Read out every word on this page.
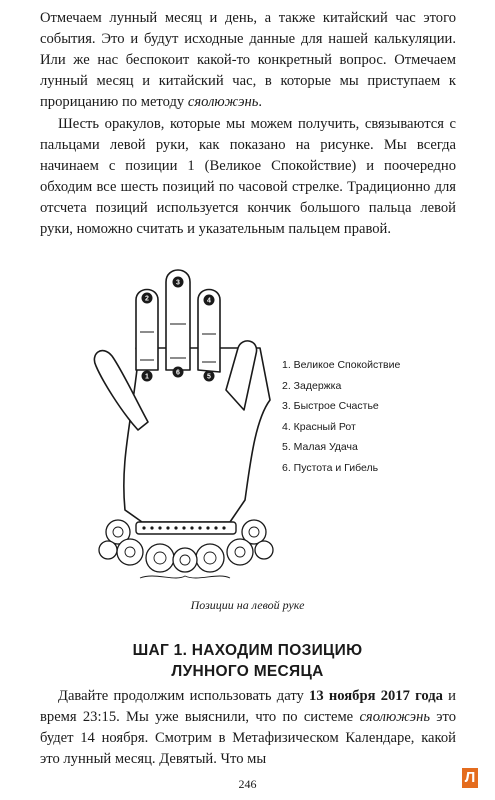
Отмечаем лунный месяц и день, а также китайский час этого события. Это и будут исходные данные для нашей калькуляции. Или же нас беспокоит какой-то конкретный вопрос. Отмечаем лунный месяц и китайский час, в которые мы приступаем к прорицанию по методу сяолюжэнь.

Шесть оракулов, которые мы можем получить, связываются с пальцами левой руки, как показано на рисунке. Мы всегда начинаем с позиции 1 (Великое Спокойствие) и поочередно обходим все шесть позиций по часовой стрелке. Традиционно для отсчета позиций используется кончик большого пальца левой руки, номожно считать и указательным пальцем правой.

1
2
3
4
5
6
1. Великое Спокойствие
2. Задержка
3. Быстрое Счастье
4. Красный Рот
5. Малая Удача
6. Пустота и Гибель
Позиции на левой руке
ШАГ 1. НАХОДИМ ПОЗИЦИЮ
ЛУННОГО МЕСЯЦА

Давайте продолжим использовать дату 13 ноября 2017 года и время 23:15. Мы уже выяснили, что по системе сяолюжэнь это будет 14 ноября. Смотрим в Метафизическом Календаре, какой это лунный месяц. Девятый. Что мы

246	Л
